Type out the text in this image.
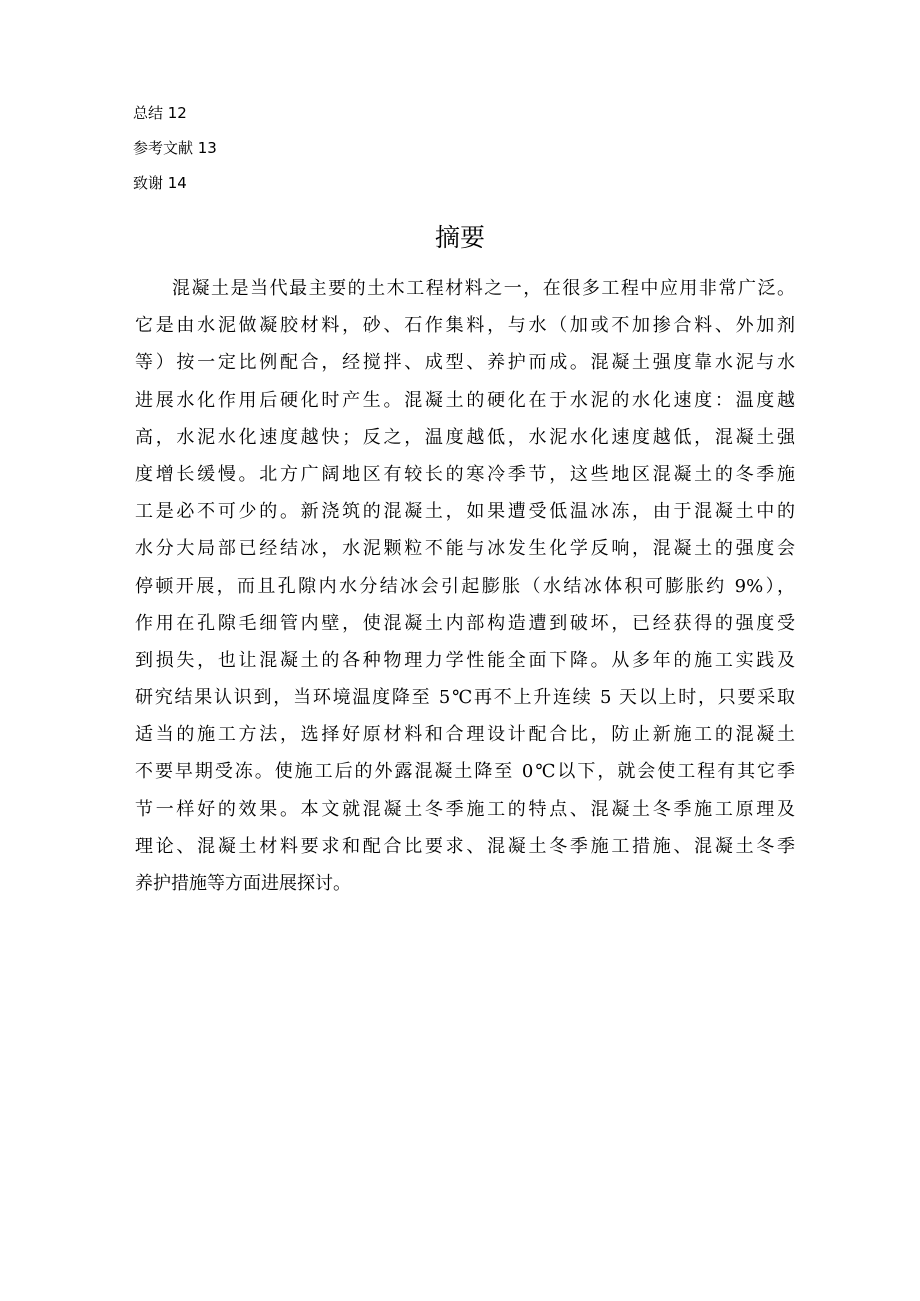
总结 12
参考文献 13
致谢 14
摘要
混凝土是当代最主要的土木工程材料之一，在很多工程中应用非常广泛。
它是由水泥做凝胶材料，砂、石作集料，与水（加或不加掺合料、外加剂
等）按一定比例配合，经搅拌、成型、养护而成。混凝土强度靠水泥与水
进展水化作用后硬化时产生。混凝土的硬化在于水泥的水化速度：温度越
高，水泥水化速度越快；反之，温度越低，水泥水化速度越低，混凝土强
度增长缓慢。北方广阔地区有较长的寒冷季节，这些地区混凝土的冬季施
工是必不可少的。新浇筑的混凝土，如果遭受低温冰冻，由于混凝土中的
水分大局部已经结冰，水泥颗粒不能与冰发生化学反响，混凝土的强度会
停顿开展，而且孔隙内水分结冰会引起膨胀（水结冰体积可膨胀约 9%），
作用在孔隙毛细管内壁，使混凝土内部构造遭到破坏，已经获得的强度受
到损失，也让混凝土的各种物理力学性能全面下降。从多年的施工实践及
研究结果认识到，当环境温度降至 5℃再不上升连续 5 天以上时，只要采取
适当的施工方法，选择好原材料和合理设计配合比，防止新施工的混凝土
不要早期受冻。使施工后的外露混凝土降至 0℃以下，就会使工程有其它季
节一样好的效果。本文就混凝土冬季施工的特点、混凝土冬季施工原理及
理论、混凝土材料要求和配合比要求、混凝土冬季施工措施、混凝土冬季
养护措施等方面进展探讨。
